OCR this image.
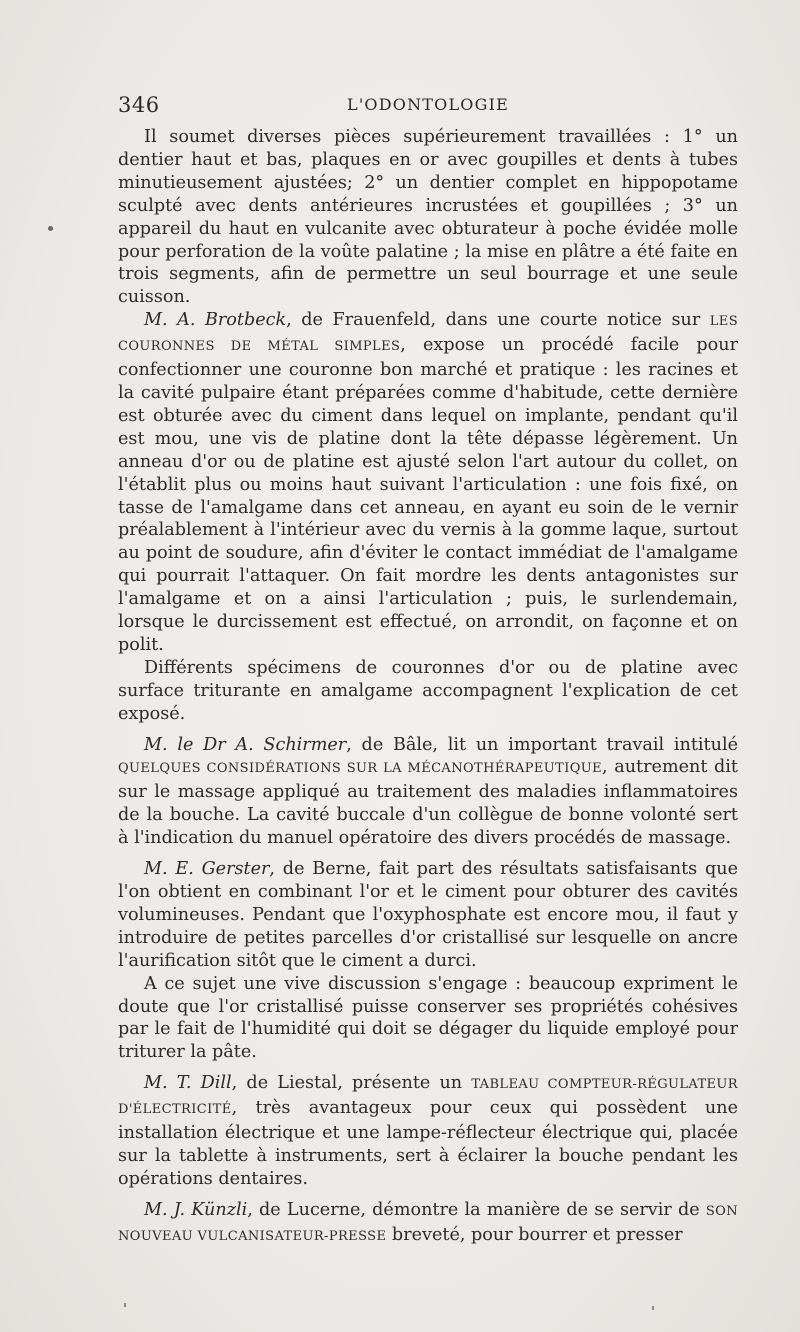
346	L'ODONTOLOGIE

Il soumet diverses pièces supérieurement travaillées : 1° un dentier haut et bas, plaques en or avec goupilles et dents à tubes minutieusement ajustées; 2° un dentier complet en hippopotame sculpté avec dents antérieures incrustées et goupillées ; 3° un appareil du haut en vulcanite avec obturateur à poche évidée molle pour perforation de la voûte palatine ; la mise en plâtre a été faite en trois segments, afin de permettre un seul bourrage et une seule cuisson.

M. A. Brotbeck, de Frauenfeld, dans une courte notice sur LES COURONNES DE MÉTAL SIMPLES, expose un procédé facile pour confectionner une couronne bon marché et pratique : les racines et la cavité pulpaire étant préparées comme d'habitude, cette dernière est obturée avec du ciment dans lequel on implante, pendant qu'il est mou, une vis de platine dont la tête dépasse légèrement. Un anneau d'or ou de platine est ajusté selon l'art autour du collet, on l'établit plus ou moins haut suivant l'articulation : une fois fixé, on tasse de l'amalgame dans cet anneau, en ayant eu soin de le vernir préalablement à l'intérieur avec du vernis à la gomme laque, surtout au point de soudure, afin d'éviter le contact immédiat de l'amalgame qui pourrait l'attaquer. On fait mordre les dents antagonistes sur l'amalgame et on a ainsi l'articulation ; puis, le surlendemain, lorsque le durcissement est effectué, on arrondit, on façonne et on polit.

Différents spécimens de couronnes d'or ou de platine avec surface triturante en amalgame accompagnent l'explication de cet exposé.

M. le Dr A. Schirmer, de Bâle, lit un important travail intitulé QUELQUES CONSIDÉRATIONS SUR LA MÉCANOTHÉRAPEUTIQUE, autrement dit sur le massage appliqué au traitement des maladies inflammatoires de la bouche. La cavité buccale d'un collègue de bonne volonté sert à l'indication du manuel opératoire des divers procédés de massage.

M. E. Gerster, de Berne, fait part des résultats satisfaisants que l'on obtient en combinant l'or et le ciment pour obturer des cavités volumineuses. Pendant que l'oxyphosphate est encore mou, il faut y introduire de petites parcelles d'or cristallisé sur lesquelle on ancre l'aurification sitôt que le ciment a durci.

A ce sujet une vive discussion s'engage : beaucoup expriment le doute que l'or cristallisé puisse conserver ses propriétés cohésives par le fait de l'humidité qui doit se dégager du liquide employé pour triturer la pâte.

M. T. Dill, de Liestal, présente un TABLEAU COMPTEUR-RÉGULATEUR D'ÉLECTRICITÉ, très avantageux pour ceux qui possèdent une installation électrique et une lampe-réflecteur électrique qui, placée sur la tablette à instruments, sert à éclairer la bouche pendant les opérations dentaires.

M. J. Künzli, de Lucerne, démontre la manière de se servir de SON NOUVEAU VULCANISATEUR-PRESSE breveté, pour bourrer et presser
